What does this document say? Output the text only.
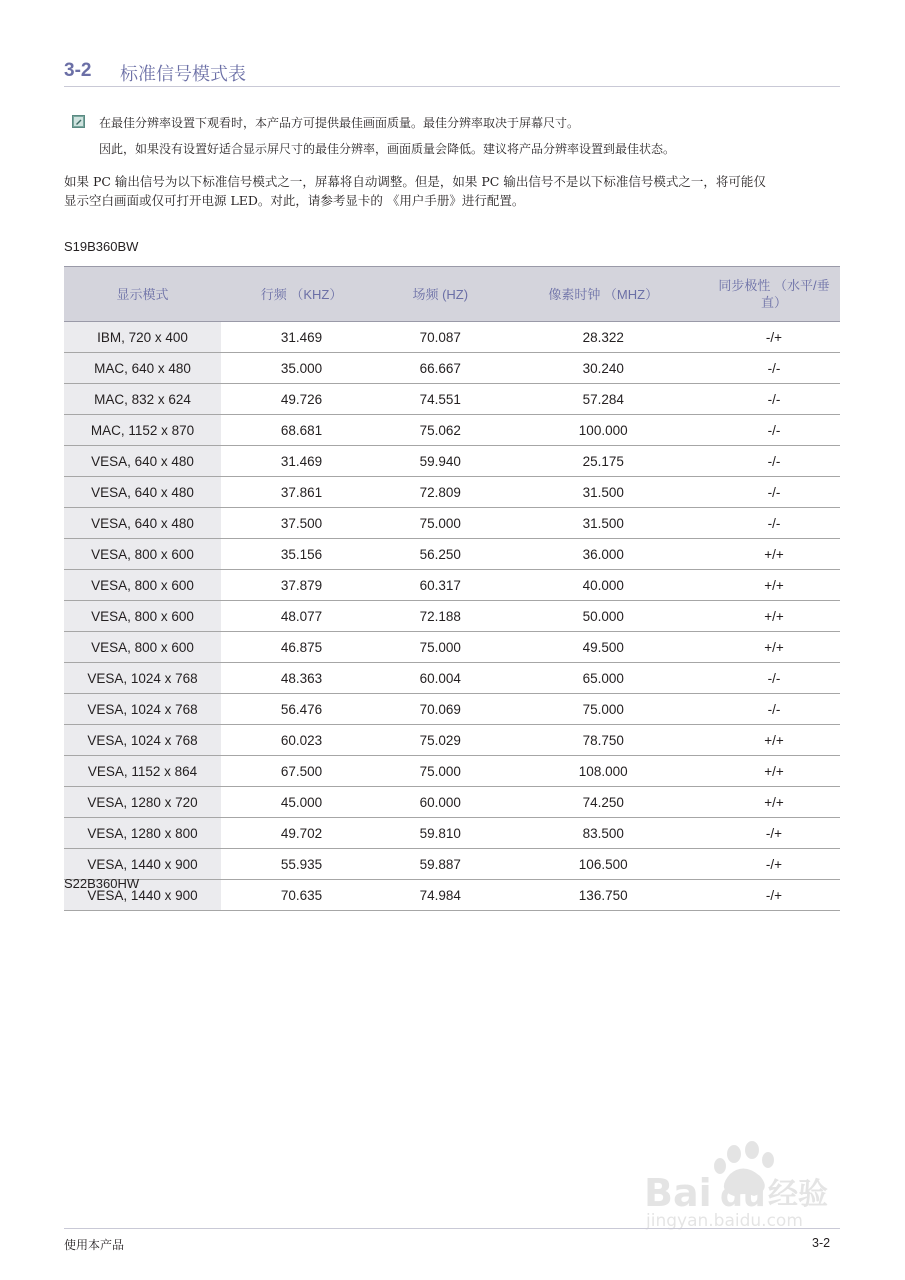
3-2 标准信号模式表
在最佳分辨率设置下观看时，本产品方可提供最佳画面质量。最佳分辨率取决于屏幕尺寸。
因此，如果没有设置好适合显示屏尺寸的最佳分辨率，画面质量会降低。建议将产品分辨率设置到最佳状态。
如果 PC 输出信号为以下标准信号模式之一，屏幕将自动调整。但是，如果 PC 输出信号不是以下标准信号模式之一，将可能仅
显示空白画面或仅可打开电源 LED。对此，请参考显卡的 《用户手册》进行配置。
S19B360BW
显示模式	行频 （KHZ）	场频 (HZ)	像素时钟 （MHZ）	同步极性 （水平/垂直）
IBM, 720 x 400	31.469	70.087	28.322	-/+
MAC, 640 x 480	35.000	66.667	30.240	-/-
MAC, 832 x 624	49.726	74.551	57.284	-/-
MAC, 1152 x 870	68.681	75.062	100.000	-/-
VESA, 640 x 480	31.469	59.940	25.175	-/-
VESA, 640 x 480	37.861	72.809	31.500	-/-
VESA, 640 x 480	37.500	75.000	31.500	-/-
VESA, 800 x 600	35.156	56.250	36.000	+/+
VESA, 800 x 600	37.879	60.317	40.000	+/+
VESA, 800 x 600	48.077	72.188	50.000	+/+
VESA, 800 x 600	46.875	75.000	49.500	+/+
VESA, 1024 x 768	48.363	60.004	65.000	-/-
VESA, 1024 x 768	56.476	70.069	75.000	-/-
VESA, 1024 x 768	60.023	75.029	78.750	+/+
VESA, 1152 x 864	67.500	75.000	108.000	+/+
VESA, 1280 x 720	45.000	60.000	74.250	+/+
VESA, 1280 x 800	49.702	59.810	83.500	-/+
VESA, 1440 x 900	55.935	59.887	106.500	-/+
VESA, 1440 x 900	70.635	74.984	136.750	-/+
S22B360HW
Bai du 经验
jingyan.baidu.com
使用本产品	3-2
